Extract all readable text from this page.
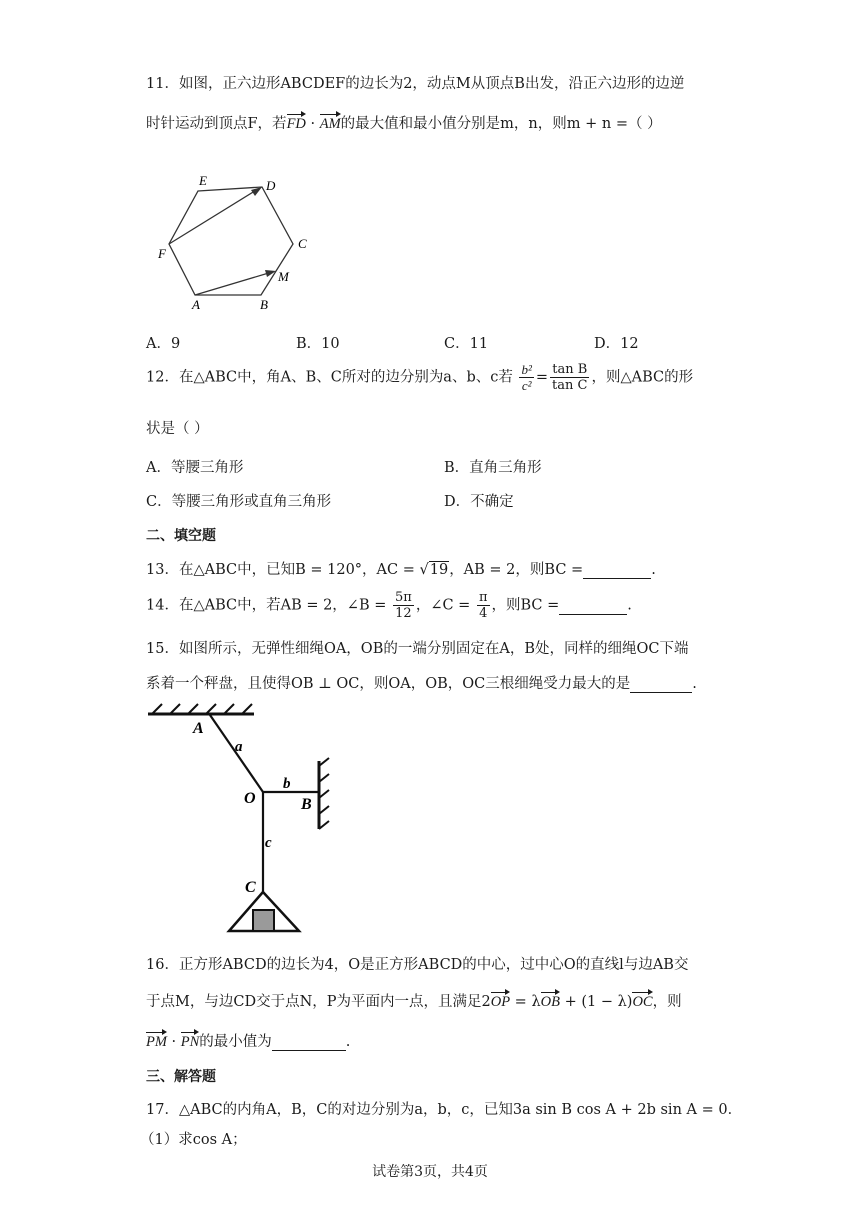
11．如图，正六边形ABCDEF的边长为2，动点M从顶点B出发，沿正六边形的边逆
时针运动到顶点F，若FD · AM的最大值和最小值分别是m，n，则m + n =（ ）
E	D
C
F
M
A	B
A．9	B．10	C．11	D．12
12．在△ABC中，角A、B、C所对的边分别为a、b、c若 $\frac{\text{b²}}{\text{c²}} = \frac{\text{tan B}}{\text{tan C}}$ ，则△ABC的形
状是（ ）
A．等腰三角形	B．直角三角形
C．等腰三角形或直角三角形	D．不确定
二、填空题
13．在△ABC中，已知B = 120°，AC = √19，AB = 2，则BC =	.
14．在△ABC中，若AB = 2，∠B = $\frac{5\pi}{12}$ ，∠C = $\frac{\pi}{4}$ ，则BC =	.
15．如图所示，无弹性细绳OA，OB的一端分别固定在A，B处，同样的细绳OC下端
系着一个秤盘，且使得OB ⊥ OC，则OA，OB，OC三根细绳受力最大的是	.
A
a
O
b
B
c
C
16．正方形ABCD的边长为4，O是正方形ABCD的中心，过中心O的直线l与边AB交
于点M，与边CD交于点N，P为平面内一点，且满足2OP = λOB + (1 − λ)OC，则
PM · PN的最小值为	.
三、解答题
17．△ABC的内角A，B，C的对边分别为a，b，c，已知3a sin B cos A + 2b sin A = 0．
（1）求cos A；
试卷第3页，共4页
